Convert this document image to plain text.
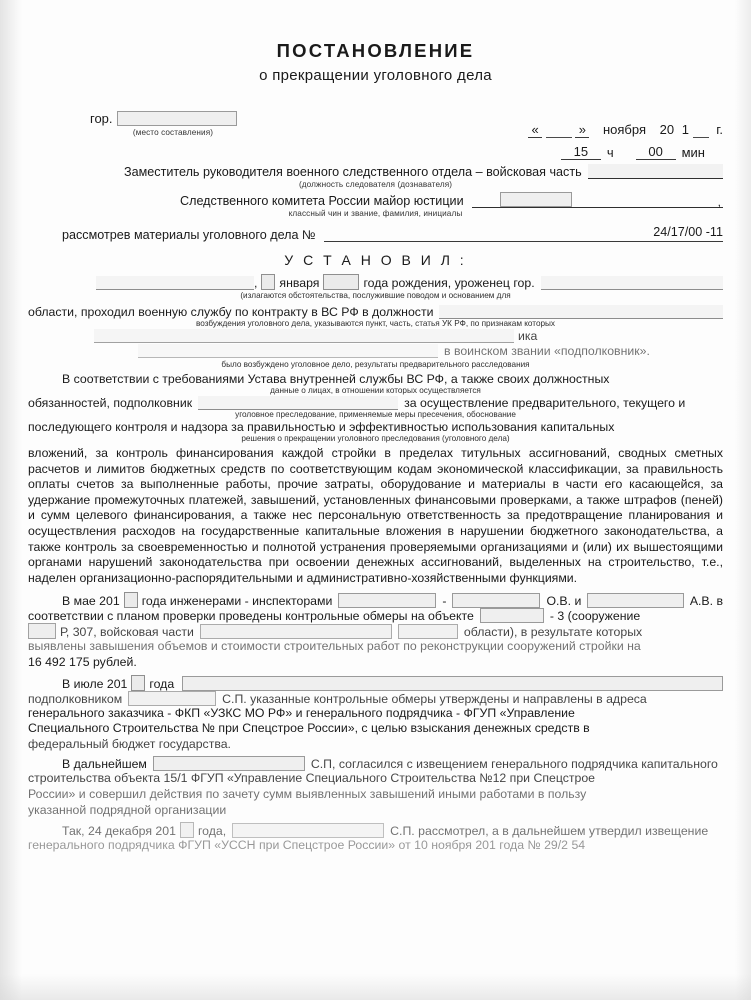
ПОСТАНОВЛЕНИЕ
о прекращении уголовного дела
гор.
(место составления)	«	» ноября 20 1 г.
15	ч	00	мин
Заместитель руководителя военного следственного отдела – войсковая часть
(должность следователя (дознавателя)
Следственного комитета России майор юстиции	,
классный чин и звание, фамилия, инициалы
рассмотрев материалы уголовного дела №	24/17/00 -11
У С Т А Н О В И Л :
, января	года рождения, уроженец гор.
(излагаются обстоятельства, послужившие поводом и основанием для
области, проходил военную службу по контракту в ВС РФ в должности
возбуждения уголовного дела, указываются пункт, часть, статья УК РФ, по признакам которых
ика
в воинском звании «подполковник».
было возбуждено уголовное дело, результаты предварительного расследования
В соответствии с требованиями Устава внутренней службы ВС РФ, а также своих должностных
данные о лицах, в отношении которых осуществляется
обязанностей, подполковник	за осуществление предварительного, текущего и
уголовное преследование, применяемые меры пресечения, обоснование
последующего контроля и надзора за правильностью и эффективностью использования капитальных
решения о прекращении уголовного преследования (уголовного дела)
вложений, за контроль финансирования каждой стройки в пределах титульных ассигнований, сводных сметных расчетов и лимитов бюджетных средств по соответствующим кодам экономической классификации, за правильность оплаты счетов за выполненные работы, прочие затраты, оборудование и материалы в части его касающейся, за удержание промежуточных платежей, завышений, установленных финансовыми проверками, а также штрафов (пеней) и сумм целевого финансирования, а также нес персональную ответственность за предотвращение планирования и осуществления расходов на государственные капитальные вложения в нарушении бюджетного законодательства, а также контроль за своевременностью и полнотой устранения проверяемыми организациями и (или) их вышестоящими органами нарушений законодательства при освоении денежных ассигнований, выделенных на строительство, т.е., наделен организационно-распорядительными и административно-хозяйственными функциями.
В мае 201 года инженерами - инспекторами	-	О.В. и	А.В. в
соответствии с планом проверки проведены контрольные обмеры на объекте	- 3 (сооружение
Р, 307, войсковая части	области), в результате которых
выявлены завышения объемов и стоимости строительных работ по реконструкции сооружений стройки на
16 492 175 рублей.
В июле 201 года
подполковником	С.П. указанные контрольные обмеры утверждены и направлены в адреса
генерального заказчика - ФКП «УЗКС МО РФ» и генерального подрядчика - ФГУП «Управление
Специального Строительства № при Спецстрое России», с целью взыскания денежных средств в
федеральный бюджет государства.
В дальнейшем	С.П, согласился с извещением генерального подрядчика капитального
строительства объекта 15/1 ФГУП «Управление Специального Строительства №12 при Спецстрое
России» и совершил действия по зачету сумм выявленных завышений иными работами в пользу
указанной подрядной организации
Так, 24 декабря 201 года,	С.П. рассмотрел, а в дальнейшем утвердил извещение
генерального подрядчика ФГУП «УССН при Спецстрое России» от 10 ноября 201 года № 29/2 54
